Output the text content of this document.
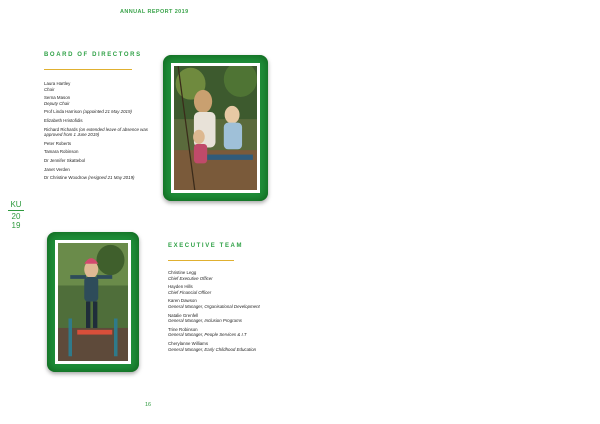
ANNUAL REPORT 2019
KU
20
19
BOARD OF DIRECTORS
Laura Hartley
Chair
Serna Mason
Deputy Chair
Prof Linda Harrison (appointed 21 May 2019)
Elizabeth Hristofidis
Richard Richards (on extended leave of absence was approved from 1 June 2019)
Peter Roberts
Tamara Robinson
Dr Jennifer Skattebol
Janet Verden
Dr Christine Woodrow (resigned 21 May 2019)
EXECUTIVE TEAM
Christine Legg
Chief Executive Officer
Hayden Hills
Chief Financial Officer
Karen Dawson
General Manager, Organisational Development
Natalie Grenfell
General Manager, Inclusion Programs
Trine Robinson
General Manager, People Services & I.T
Cherylanne Williams
General Manager, Early Childhood Education
16
